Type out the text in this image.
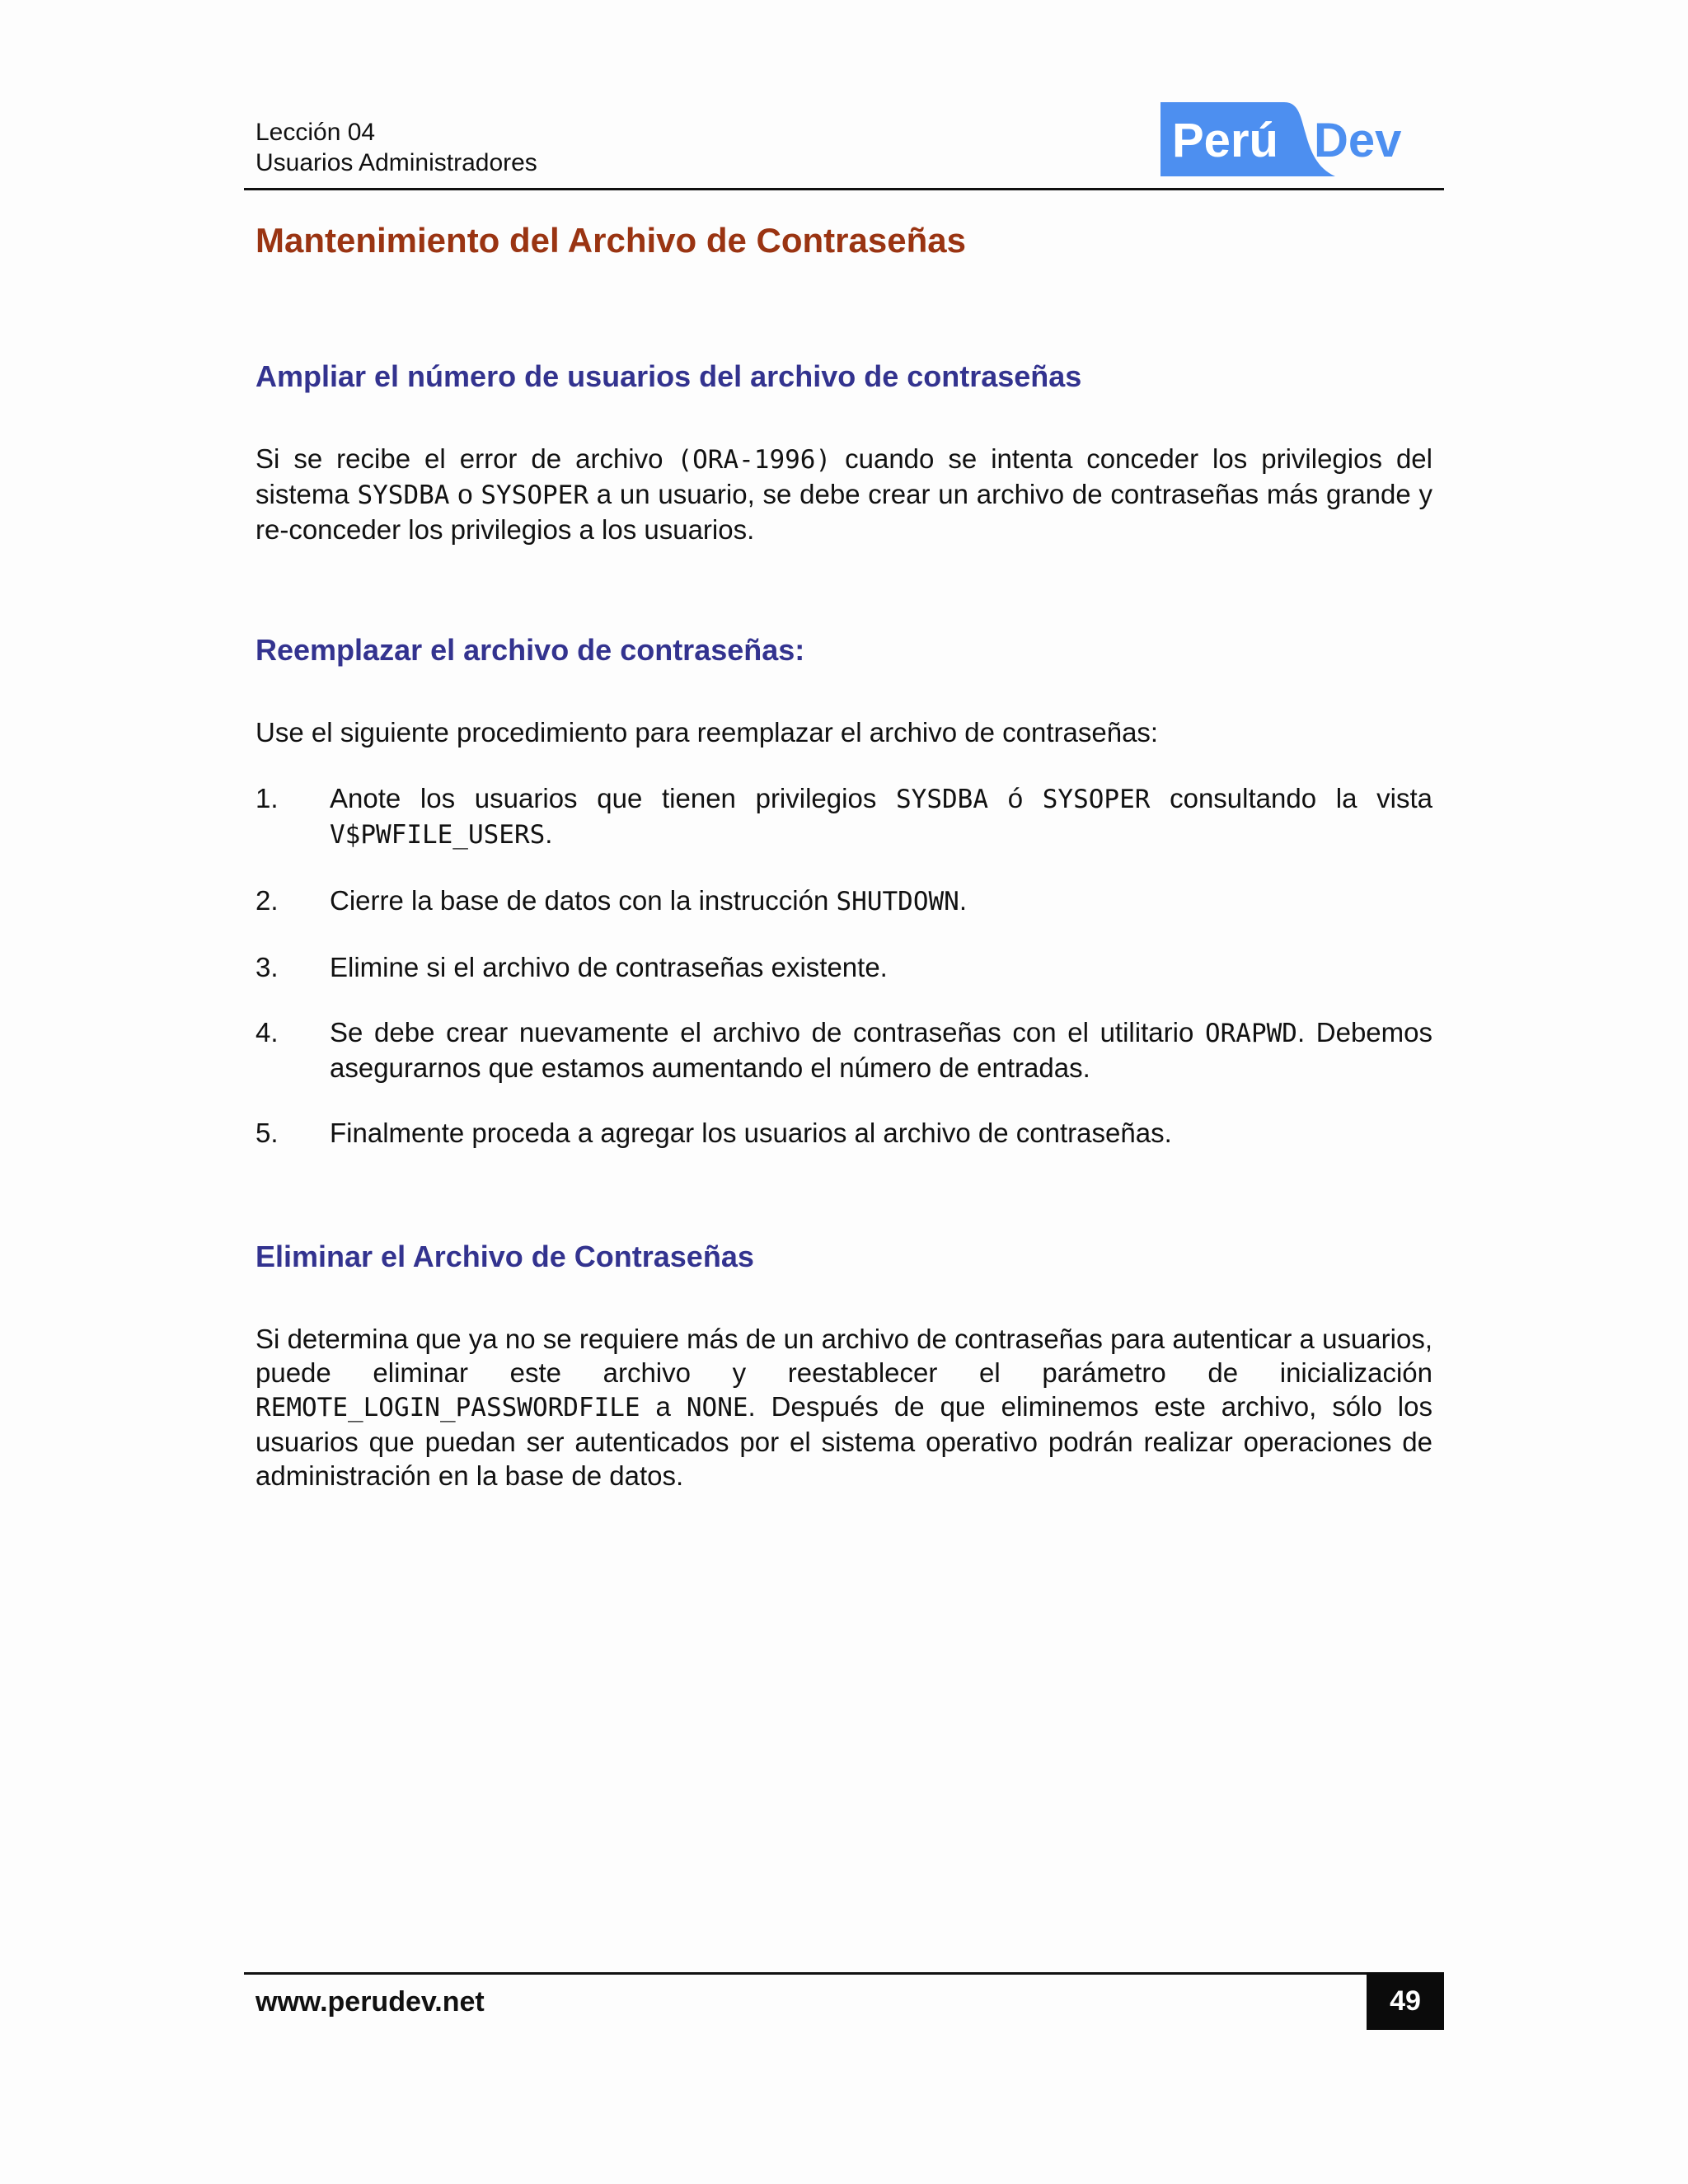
Lección 04
Usuarios Administradores	Perú Dev
Mantenimiento del Archivo de Contraseñas
Ampliar el número de usuarios del archivo de contraseñas
Si se recibe el error de archivo (ORA-1996) cuando se intenta conceder los privilegios del sistema SYSDBA o SYSOPER a un usuario, se debe crear un archivo de contraseñas más grande y re-conceder los privilegios a los usuarios.
Reemplazar el archivo de contraseñas:
Use el siguiente procedimiento para reemplazar el archivo de contraseñas:
1.	Anote los usuarios que tienen privilegios SYSDBA ó SYSOPER consultando la vista V$PWFILE_USERS.
2.	Cierre la base de datos con la instrucción SHUTDOWN.
3.	Elimine si el archivo de contraseñas existente.
4.	Se debe crear nuevamente el archivo de contraseñas con el utilitario ORAPWD. Debemos asegurarnos que estamos aumentando el número de entradas.
5.	Finalmente proceda a agregar los usuarios al archivo de contraseñas.
Eliminar el Archivo de Contraseñas
Si determina que ya no se requiere más de un archivo de contraseñas para autenticar a usuarios, puede eliminar este archivo y reestablecer el parámetro de inicialización REMOTE_LOGIN_PASSWORDFILE a NONE. Después de que eliminemos este archivo, sólo los usuarios que puedan ser autenticados por el sistema operativo podrán realizar operaciones de administración en la base de datos.
www.perudev.net	49
